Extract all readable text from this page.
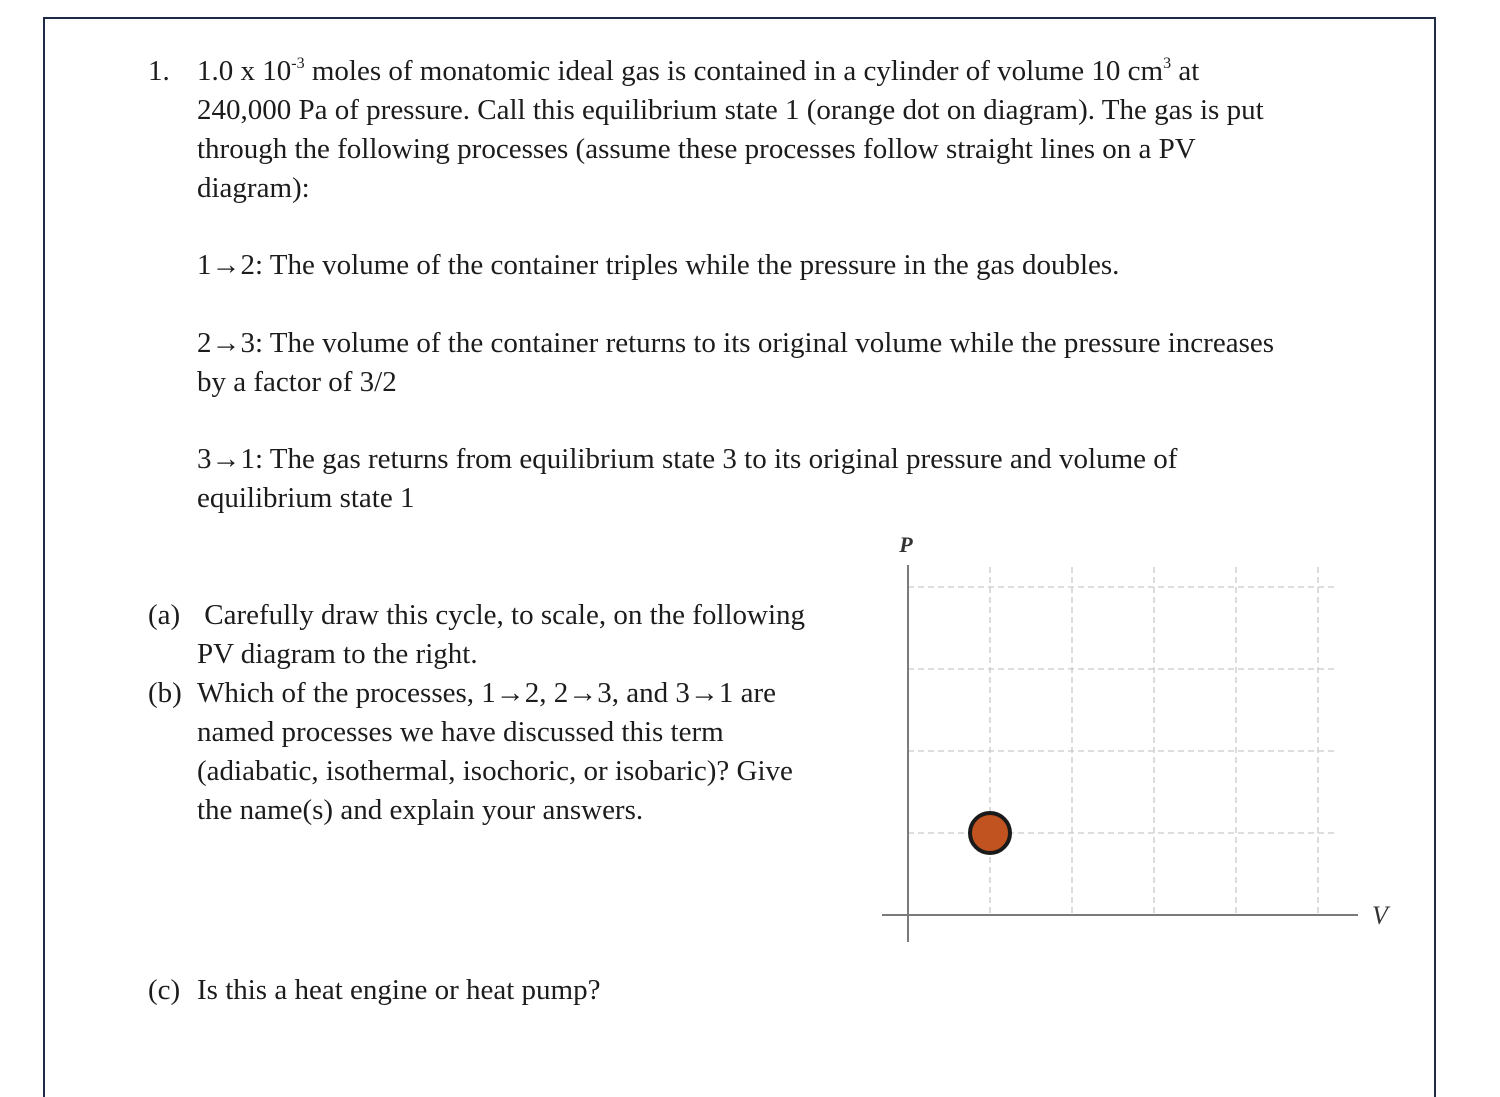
1. 1.0 x $10^{-3}$ moles of monatomic ideal gas is contained in a cylinder of volume 10 $cm^3$ at
240,000 Pa of pressure. Call this equilibrium state 1 (orange dot on diagram). The gas is put
through the following processes (assume these processes follow straight lines on a PV
diagram):
1→2: The volume of the container triples while the pressure in the gas doubles.
2→3: The volume of the container returns to its original volume while the pressure increases
by a factor of 3/2
3→1: The gas returns from equilibrium state 3 to its original pressure and volume of
equilibrium state 1
(a) Carefully draw this cycle, to scale, on the following
PV diagram to the right.
(b) Which of the processes, 1→2, 2→3, and 3→1 are
named processes we have discussed this term
(adiabatic, isothermal, isochoric, or isobaric)? Give
the name(s) and explain your answers.
(c) Is this a heat engine or heat pump?
P
V
